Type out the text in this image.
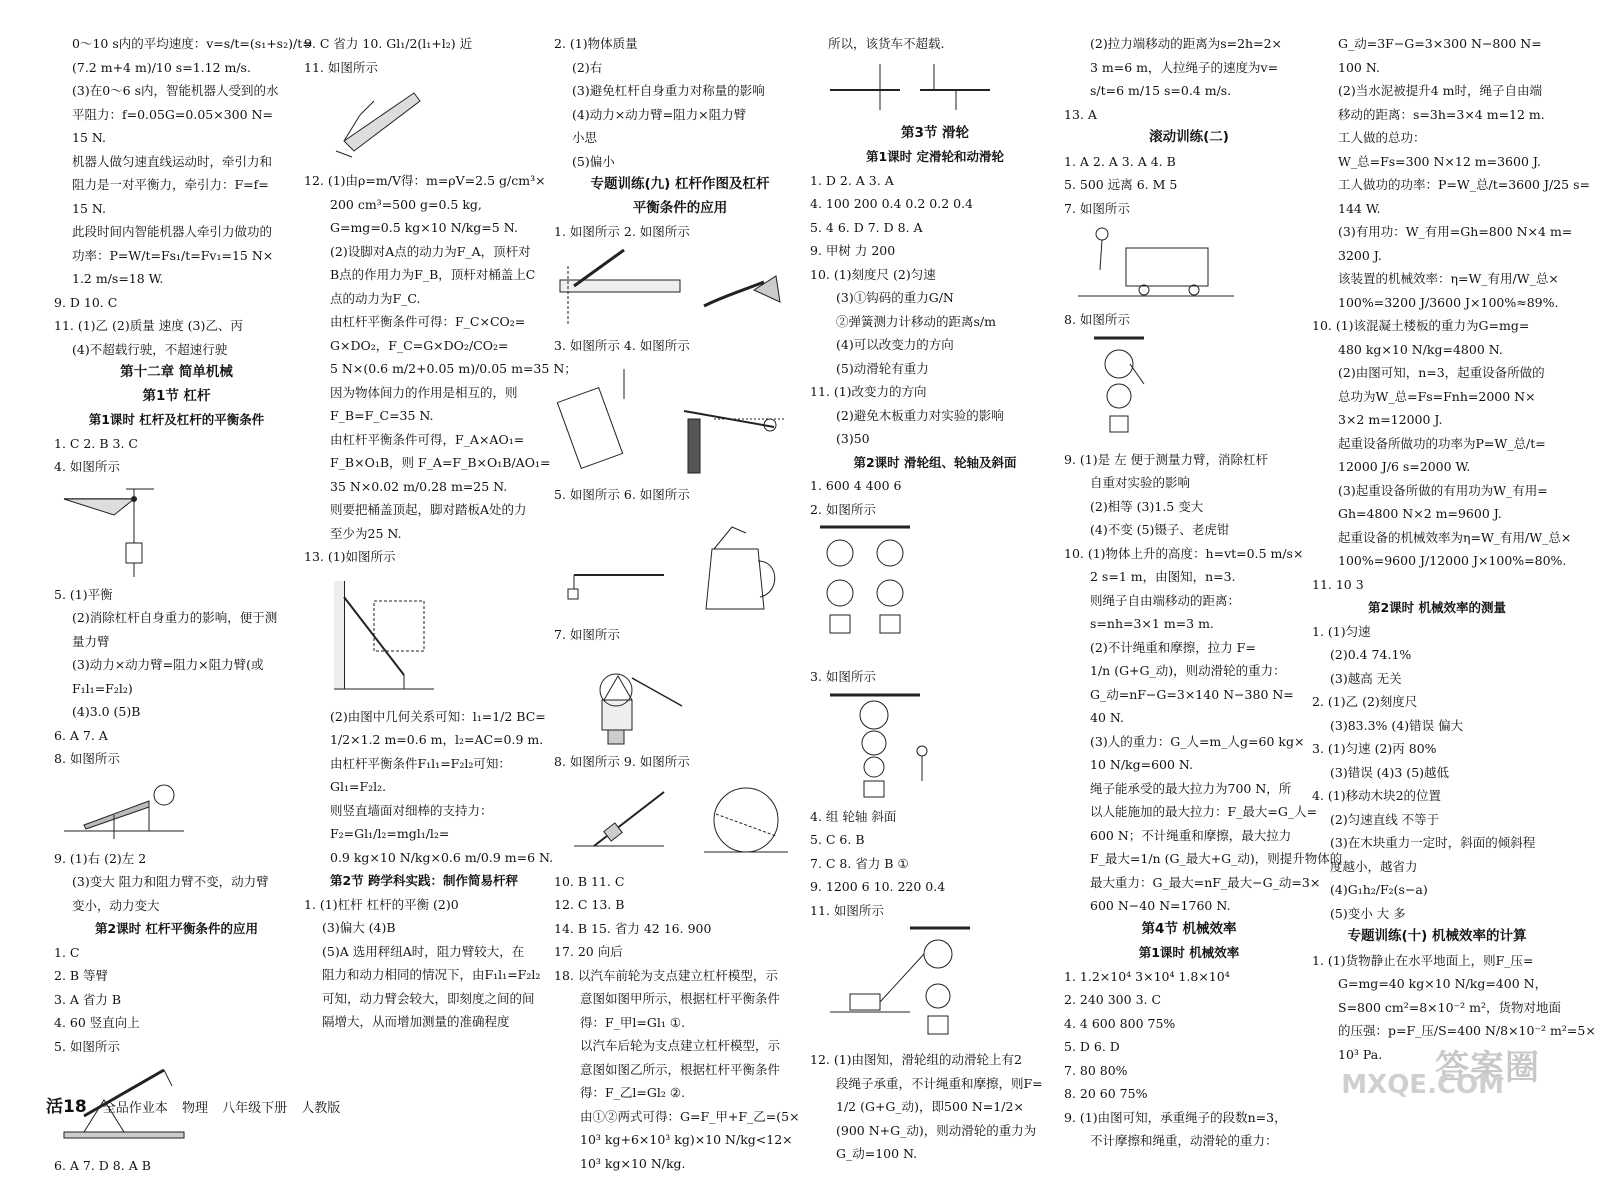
0～10 s内的平均速度：v=s/t=(s₁+s₂)/t=
(7.2 m+4 m)/10 s=1.12 m/s.
(3)在0～6 s内，智能机器人受到的水
平阻力：f=0.05G=0.05×300 N=
15 N.
机器人做匀速直线运动时，牵引力和
阻力是一对平衡力，牵引力：F=f=
15 N.
此段时间内智能机器人牵引力做功的
功率：P=W/t=Fs₁/t=Fv₁=15 N×
1.2 m/s=18 W.
9. D 10. C
11. (1)乙 (2)质量 速度 (3)乙、丙
(4)不超载行驶，不超速行驶
第十二章 简单机械
第1节 杠杆
第1课时 杠杆及杠杆的平衡条件
1. C 2. B 3. C
4. 如图所示
5. (1)平衡
(2)消除杠杆自身重力的影响，便于测
量力臂
(3)动力×动力臂=阻力×阻力臂(或
F₁l₁=F₂l₂)
(4)3.0 (5)B
6. A 7. A
8. 如图所示
9. (1)右 (2)左 2
(3)变大 阻力和阻力臂不变，动力臂
变小，动力变大
第2课时 杠杆平衡条件的应用
1. C
2. B 等臂
3. A 省力 B
4. 60 竖直向上
5. 如图所示
6. A 7. D 8. A B
9. C 省力 10. Gl₁/2(l₁+l₂) 近
11. 如图所示
12. (1)由ρ=m/V得：m=ρV=2.5 g/cm³×
200 cm³=500 g=0.5 kg,
G=mg=0.5 kg×10 N/kg=5 N.
(2)设脚对A点的动力为F_A，顶杆对
B点的作用力为F_B，顶杆对桶盖上C
点的动力为F_C.
由杠杆平衡条件可得：F_C×CO₂=
G×DO₂，F_C=G×DO₂/CO₂=
5 N×(0.6 m/2+0.05 m)/0.05 m=35 N；
因为物体间力的作用是相互的，则
F_B=F_C=35 N.
由杠杆平衡条件可得，F_A×AO₁=
F_B×O₁B，则 F_A=F_B×O₁B/AO₁=
35 N×0.02 m/0.28 m=25 N.
则要把桶盖顶起，脚对踏板A处的力
至少为25 N.
13. (1)如图所示
(2)由图中几何关系可知：l₁=1/2 BC=
1/2×1.2 m=0.6 m，l₂=AC=0.9 m.
由杠杆平衡条件F₁l₁=F₂l₂可知：
Gl₁=F₂l₂.
则竖直墙面对细棒的支持力：
F₂=Gl₁/l₂=mgl₁/l₂=
0.9 kg×10 N/kg×0.6 m/0.9 m=6 N.
第2节 跨学科实践：制作简易杆秤
1. (1)杠杆 杠杆的平衡 (2)0
(3)偏大 (4)B
(5)A 选用秤纽A时，阻力臂较大，在
阻力和动力相同的情况下，由F₁l₁=F₂l₂
可知，动力臂会较大，即刻度之间的间
隔增大，从而增加测量的准确程度
2. (1)物体质量
(2)右
(3)避免杠杆自身重力对称量的影响
(4)动力×动力臂=阻力×阻力臂
小思
(5)偏小
专题训练(九) 杠杆作图及杠杆
平衡条件的应用
1. 如图所示 2. 如图所示
3. 如图所示 4. 如图所示
5. 如图所示 6. 如图所示
7. 如图所示
8. 如图所示 9. 如图所示
10. B 11. C
12. C 13. B
14. B 15. 省力 42 16. 900
17. 20 向后
18. 以汽车前轮为支点建立杠杆模型，示
意图如图甲所示，根据杠杆平衡条件
得：F_甲l=Gl₁ ①.
以汽车后轮为支点建立杠杆模型，示
意图如图乙所示，根据杠杆平衡条件
得：F_乙l=Gl₂ ②.
由①②两式可得：G=F_甲+F_乙=(5×
10³ kg+6×10³ kg)×10 N/kg<12×
10³ kg×10 N/kg.
所以，该货车不超载.
第3节 滑轮
第1课时 定滑轮和动滑轮
1. D 2. A 3. A
4. 100 200 0.4 0.2 0.2 0.4
5. 4 6. D 7. D 8. A
9. 甲树 力 200
10. (1)刻度尺 (2)匀速
(3)①钩码的重力G/N
②弹簧测力计移动的距离s/m
(4)可以改变力的方向
(5)动滑轮有重力
11. (1)改变力的方向
(2)避免木板重力对实验的影响
(3)50
第2课时 滑轮组、轮轴及斜面
1. 600 4 400 6
2. 如图所示
3. 如图所示
4. 组 轮轴 斜面
5. C 6. B
7. C 8. 省力 B ①
9. 1200 6 10. 220 0.4
11. 如图所示
12. (1)由图知，滑轮组的动滑轮上有2
段绳子承重，不计绳重和摩擦，则F=
1/2 (G+G_动)，即500 N=1/2×
(900 N+G_动)，则动滑轮的重力为
G_动=100 N.
(2)拉力端移动的距离为s=2h=2×
3 m=6 m，人拉绳子的速度为v=
s/t=6 m/15 s=0.4 m/s.
13. A
滚动训练(二)
1. A 2. A 3. A 4. B
5. 500 远离 6. M 5
7. 如图所示
8. 如图所示
9. (1)是 左 便于测量力臂，消除杠杆
自重对实验的影响
(2)相等 (3)1.5 变大
(4)不变 (5)镊子、老虎钳
10. (1)物体上升的高度：h=vt=0.5 m/s×
2 s=1 m，由图知，n=3.
则绳子自由端移动的距离：
s=nh=3×1 m=3 m.
(2)不计绳重和摩擦，拉力 F=
1/n (G+G_动)，则动滑轮的重力：
G_动=nF−G=3×140 N−380 N=
40 N.
(3)人的重力：G_人=m_人g=60 kg×
10 N/kg=600 N.
绳子能承受的最大拉力为700 N，所
以人能施加的最大拉力：F_最大=G_人=
600 N；不计绳重和摩擦，最大拉力
F_最大=1/n (G_最大+G_动)，则提升物体的
最大重力：G_最大=nF_最大−G_动=3×
600 N−40 N=1760 N.
第4节 机械效率
第1课时 机械效率
1. 1.2×10⁴ 3×10⁴ 1.8×10⁴
2. 240 300 3. C
4. 4 600 800 75%
5. D 6. D
7. 80 80%
8. 20 60 75%
9. (1)由图可知，承重绳子的段数n=3，
不计摩擦和绳重，动滑轮的重力：
G_动=3F−G=3×300 N−800 N=
100 N.
(2)当水泥被提升4 m时，绳子自由端
移动的距离：s=3h=3×4 m=12 m.
工人做的总功：
W_总=Fs=300 N×12 m=3600 J.
工人做功的功率：P=W_总/t=3600 J/25 s=
144 W.
(3)有用功：W_有用=Gh=800 N×4 m=
3200 J.
该装置的机械效率：η=W_有用/W_总×
100%=3200 J/3600 J×100%≈89%.
10. (1)该混凝土楼板的重力为G=mg=
480 kg×10 N/kg=4800 N.
(2)由图可知，n=3，起重设备所做的
总功为W_总=Fs=Fnh=2000 N×
3×2 m=12000 J.
起重设备所做功的功率为P=W_总/t=
12000 J/6 s=2000 W.
(3)起重设备所做的有用功为W_有用=
Gh=4800 N×2 m=9600 J.
起重设备的机械效率为η=W_有用/W_总×
100%=9600 J/12000 J×100%=80%.
11. 10 3
第2课时 机械效率的测量
1. (1)匀速
(2)0.4 74.1%
(3)越高 无关
2. (1)乙 (2)刻度尺
(3)83.3% (4)错误 偏大
3. (1)匀速 (2)丙 80%
(3)错误 (4)3 (5)越低
4. (1)移动木块2的位置
(2)匀速直线 不等于
(3)在木块重力一定时，斜面的倾斜程
度越小，越省力
(4)G₁h₂/F₂(s−a)
(5)变小 大 多
专题训练(十) 机械效率的计算
1. (1)货物静止在水平地面上，则F_压=
G=mg=40 kg×10 N/kg=400 N，
S=800 cm²=8×10⁻² m²，货物对地面
的压强：p=F_压/S=400 N/8×10⁻² m²=5×
10³ Pa.
活18 全品作业本 物理 八年级下册 人教版
答案圈
MXQE.COM
